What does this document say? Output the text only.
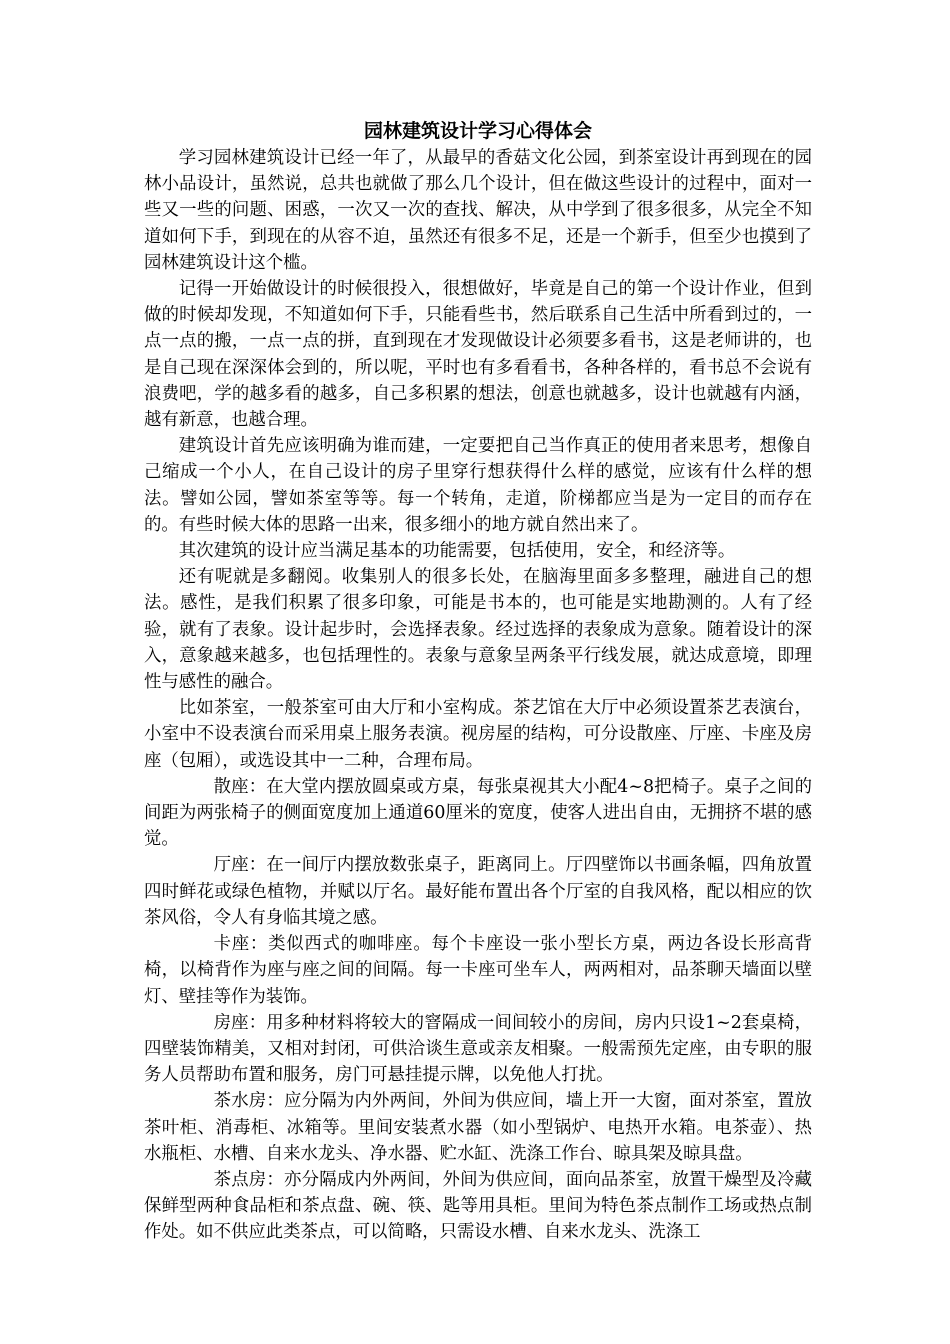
园林建筑设计学习心得体会

学习园林建筑设计已经一年了，从最早的香菇文化公园，到茶室设计再到现在的园林小品设计，虽然说，总共也就做了那么几个设计，但在做这些设计的过程中，面对一些又一些的问题、困惑，一次又一次的查找、解决，从中学到了很多很多，从完全不知道如何下手，到现在的从容不迫，虽然还有很多不足，还是一个新手，但至少也摸到了园林建筑设计这个槛。

记得一开始做设计的时候很投入，很想做好，毕竟是自己的第一个设计作业，但到做的时候却发现，不知道如何下手，只能看些书，然后联系自己生活中所看到过的，一点一点的搬，一点一点的拼，直到现在才发现做设计必须要多看书，这是老师讲的，也是自己现在深深体会到的，所以呢，平时也有多看看书，各种各样的，看书总不会说有浪费吧，学的越多看的越多，自己多积累的想法，创意也就越多，设计也就越有内涵，越有新意，也越合理。

建筑设计首先应该明确为谁而建，一定要把自己当作真正的使用者来思考，想像自己缩成一个小人，在自己设计的房子里穿行想获得什么样的感觉，应该有什么样的想法。譬如公园，譬如茶室等等。每一个转角，走道，阶梯都应当是为一定目的而存在的。有些时候大体的思路一出来，很多细小的地方就自然出来了。

其次建筑的设计应当满足基本的功能需要，包括使用，安全，和经济等。

还有呢就是多翻阅。收集别人的很多长处，在脑海里面多多整理，融进自己的想法。感性，是我们积累了很多印象，可能是书本的，也可能是实地勘测的。人有了经验，就有了表象。设计起步时，会选择表象。经过选择的表象成为意象。随着设计的深入，意象越来越多，也包括理性的。表象与意象呈两条平行线发展，就达成意境，即理性与感性的融合。

比如茶室，一般茶室可由大厅和小室构成。茶艺馆在大厅中必须设置茶艺表演台，小室中不设表演台而采用桌上服务表演。视房屋的结构，可分设散座、厅座、卡座及房座（包厢），或选设其中一二种，合理布局。

散座：在大堂内摆放圆桌或方桌，每张桌视其大小配4~8把椅子。桌子之间的间距为两张椅子的侧面宽度加上通道60厘米的宽度，使客人进出自由，无拥挤不堪的感觉。

厅座：在一间厅内摆放数张桌子，距离同上。厅四壁饰以书画条幅，四角放置四时鲜花或绿色植物，并赋以厅名。最好能布置出各个厅室的自我风格，配以相应的饮茶风俗，令人有身临其境之感。

卡座：类似西式的咖啡座。每个卡座设一张小型长方桌，两边各设长形高背椅，以椅背作为座与座之间的间隔。每一卡座可坐车人，两两相对，品茶聊天墙面以壁灯、壁挂等作为装饰。

房座：用多种材料将较大的窨隔成一间间较小的房间，房内只设1~2套桌椅，四壁装饰精美，又相对封闭，可供洽谈生意或亲友相聚。一般需预先定座，由专职的服务人员帮助布置和服务，房门可悬挂提示牌，以免他人打扰。

茶水房：应分隔为内外两间，外间为供应间，墙上开一大窗，面对茶室，置放茶叶柜、消毒柜、冰箱等。里间安装煮水器（如小型锅炉、电热开水箱。电茶壶）、热水瓶柜、水槽、自来水龙头、净水器、贮水缸、洗涤工作台、晾具架及晾具盘。

茶点房：亦分隔成内外两间，外间为供应间，面向品茶室，放置干燥型及冷藏保鲜型两种食品柜和茶点盘、碗、筷、匙等用具柜。里间为特色茶点制作工场或热点制作处。如不供应此类茶点，可以简略，只需设水槽、自来水龙头、洗涤工
